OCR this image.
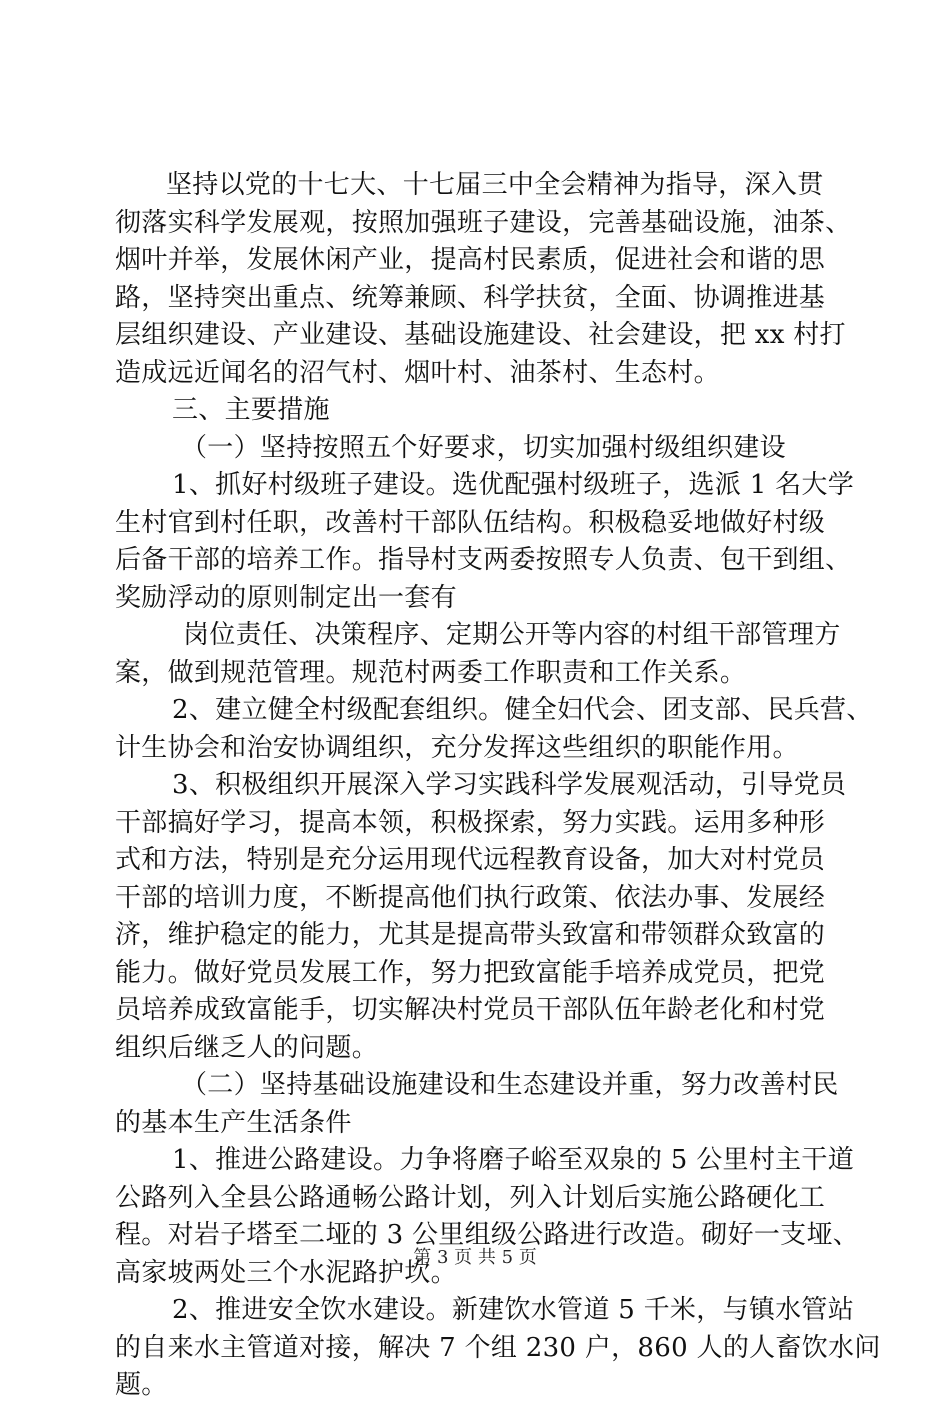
坚持以党的十七大、十七届三中全会精神为指导，深入贯
彻落实科学发展观，按照加强班子建设，完善基础设施，油茶、
烟叶并举，发展休闲产业，提高村民素质，促进社会和谐的思
路，坚持突出重点、统筹兼顾、科学扶贫，全面、协调推进基
层组织建设、产业建设、基础设施建设、社会建设，把 xx 村打
造成远近闻名的沼气村、烟叶村、油茶村、生态村。
三、主要措施
（一）坚持按照五个好要求，切实加强村级组织建设
1、抓好村级班子建设。选优配强村级班子，选派 1 名大学
生村官到村任职，改善村干部队伍结构。积极稳妥地做好村级
后备干部的培养工作。指导村支两委按照专人负责、包干到组、
奖励浮动的原则制定出一套有
岗位责任、决策程序、定期公开等内容的村组干部管理方
案，做到规范管理。规范村两委工作职责和工作关系。
2、建立健全村级配套组织。健全妇代会、团支部、民兵营、
计生协会和治安协调组织，充分发挥这些组织的职能作用。
3、积极组织开展深入学习实践科学发展观活动，引导党员
干部搞好学习，提高本领，积极探索，努力实践。运用多种形
式和方法，特别是充分运用现代远程教育设备，加大对村党员
干部的培训力度，不断提高他们执行政策、依法办事、发展经
济，维护稳定的能力，尤其是提高带头致富和带领群众致富的
能力。做好党员发展工作，努力把致富能手培养成党员，把党
员培养成致富能手，切实解决村党员干部队伍年龄老化和村党
组织后继乏人的问题。
（二）坚持基础设施建设和生态建设并重，努力改善村民
的基本生产生活条件
1、推进公路建设。力争将磨子峪至双泉的 5 公里村主干道
公路列入全县公路通畅公路计划，列入计划后实施公路硬化工
程。对岩子塔至二垭的 3 公里组级公路进行改造。砌好一支垭、
高家坡两处三个水泥路护坎。
2、推进安全饮水建设。新建饮水管道 5 千米，与镇水管站
的自来水主管道对接，解决 7 个组 230 户，860 人的人畜饮水问
题。
第 3 页 共 5 页
